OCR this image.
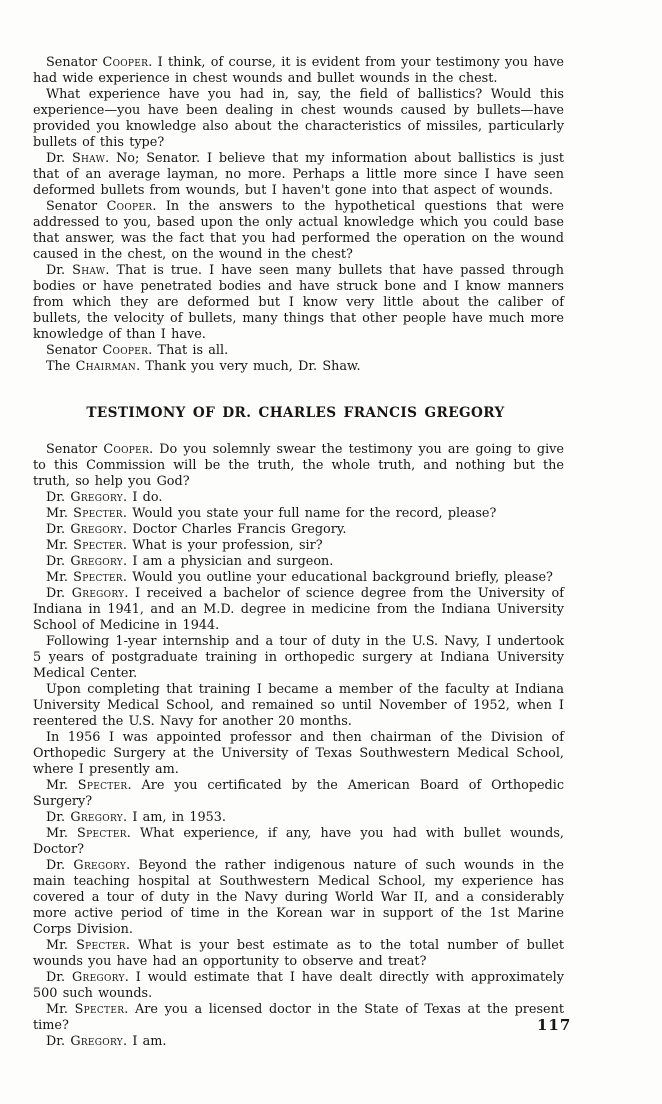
Senator Cooper. I think, of course, it is evident from your testimony you have had wide experience in chest wounds and bullet wounds in the chest.

What experience have you had in, say, the field of ballistics? Would this experience—you have been dealing in chest wounds caused by bullets—have provided you knowledge also about the characteristics of missiles, particularly bullets of this type?

Dr. Shaw. No; Senator. I believe that my information about ballistics is just that of an average layman, no more. Perhaps a little more since I have seen deformed bullets from wounds, but I haven't gone into that aspect of wounds.

Senator Cooper. In the answers to the hypothetical questions that were addressed to you, based upon the only actual knowledge which you could base that answer, was the fact that you had performed the operation on the wound caused in the chest, on the wound in the chest?

Dr. Shaw. That is true. I have seen many bullets that have passed through bodies or have penetrated bodies and have struck bone and I know manners from which they are deformed but I know very little about the caliber of bullets, the velocity of bullets, many things that other people have much more knowledge of than I have.

Senator Cooper. That is all.

The Chairman. Thank you very much, Dr. Shaw.

TESTIMONY OF DR. CHARLES FRANCIS GREGORY

Senator Cooper. Do you solemnly swear the testimony you are going to give to this Commission will be the truth, the whole truth, and nothing but the truth, so help you God?

Dr. Gregory. I do.

Mr. Specter. Would you state your full name for the record, please?

Dr. Gregory. Doctor Charles Francis Gregory.

Mr. Specter. What is your profession, sir?

Dr. Gregory. I am a physician and surgeon.

Mr. Specter. Would you outline your educational background briefly, please?

Dr. Gregory. I received a bachelor of science degree from the University of Indiana in 1941, and an M.D. degree in medicine from the Indiana University School of Medicine in 1944.

Following 1-year internship and a tour of duty in the U.S. Navy, I undertook 5 years of postgraduate training in orthopedic surgery at Indiana University Medical Center.

Upon completing that training I became a member of the faculty at Indiana University Medical School, and remained so until November of 1952, when I reentered the U.S. Navy for another 20 months.

In 1956 I was appointed professor and then chairman of the Division of Orthopedic Surgery at the University of Texas Southwestern Medical School, where I presently am.

Mr. Specter. Are you certificated by the American Board of Orthopedic Surgery?

Dr. Gregory. I am, in 1953.

Mr. Specter. What experience, if any, have you had with bullet wounds, Doctor?

Dr. Gregory. Beyond the rather indigenous nature of such wounds in the main teaching hospital at Southwestern Medical School, my experience has covered a tour of duty in the Navy during World War II, and a considerably more active period of time in the Korean war in support of the 1st Marine Corps Division.

Mr. Specter. What is your best estimate as to the total number of bullet wounds you have had an opportunity to observe and treat?

Dr. Gregory. I would estimate that I have dealt directly with approximately 500 such wounds.

Mr. Specter. Are you a licensed doctor in the State of Texas at the present time?

Dr. Gregory. I am.

117
